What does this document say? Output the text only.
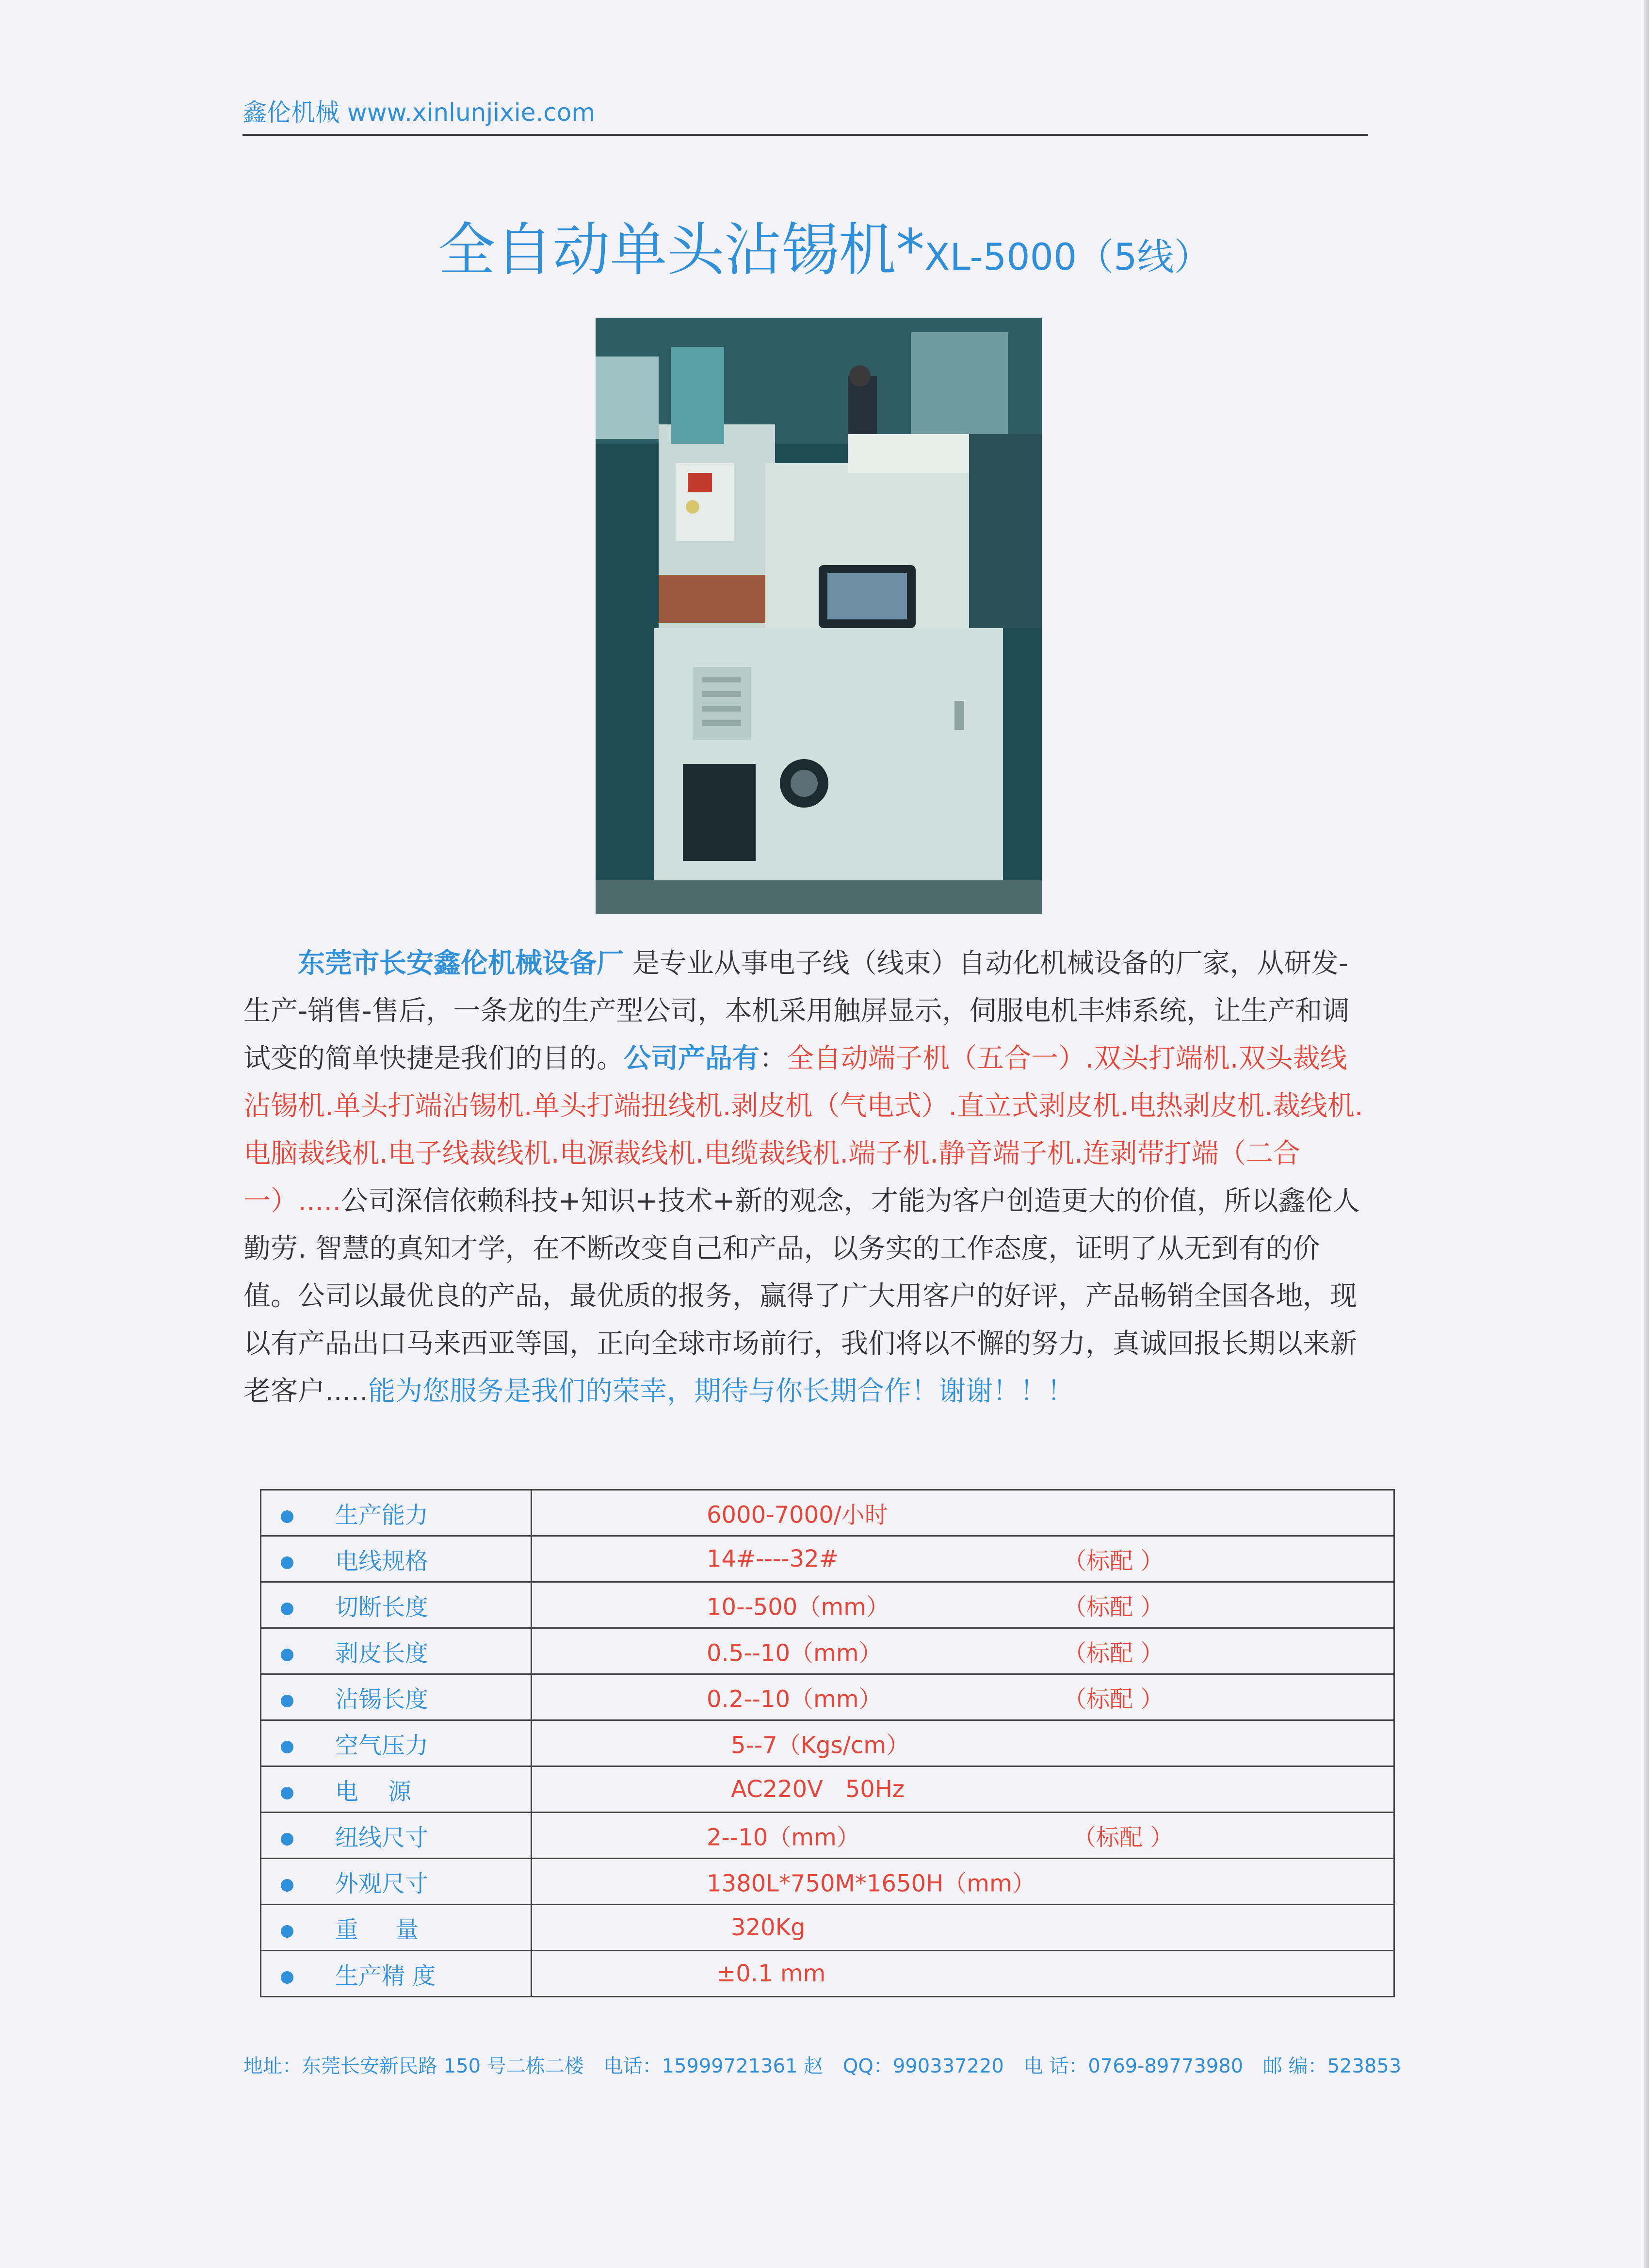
鑫伦机械 www.xinlunjixie.com
全自动单头沾锡机*XL-5000（5线）
东莞市长安鑫伦机械设备厂 是专业从事电子线（线束）自动化机械设备的厂家，从研发-生产-销售-售后，一条龙的生产型公司，本机采用触屏显示，伺服电机丰炜系统，让生产和调试变的简单快捷是我们的目的。公司产品有：全自动端子机（五合一）.双头打端机.双头裁线沾锡机.单头打端沾锡机.单头打端扭线机.剥皮机（气电式）.直立式剥皮机.电热剥皮机.裁线机.电脑裁线机.电子线裁线机.电源裁线机.电缆裁线机.端子机.静音端子机.连剥带打端（二合一）.....公司深信依赖科技+知识+技术+新的观念，才能为客户创造更大的价值，所以鑫伦人勤劳. 智慧的真知才学，在不断改变自己和产品，以务实的工作态度，证明了从无到有的价值。公司以最优良的产品，最优质的报务，赢得了广大用客户的好评，产品畅销全国各地，现以有产品出口马来西亚等国，正向全球市场前行，我们将以不懈的努力，真诚回报长期以来新老客户.....能为您服务是我们的荣幸，期待与你长期合作！谢谢！！！
生产能力	6000-7000/小时

电线规格	14#----32# （标配 ）

切断长度	10--500（mm） （标配 ）

剥皮长度	0.5--10（mm） （标配 ）

沾锡长度	0.2--10（mm） （标配 ）

空气压力	5--7（Kgs/cm）

电    源	AC220V   50Hz

纽线尺寸	2--10（mm） （标配 ）

外观尺寸	1380L*750M*1650H（mm）

重     量	320Kg

生产精 度	±0.1 mm
地址：东莞长安新民路 150 号二栋二楼 电话：15999721361 赵 QQ：990337220 电 话：0769-89773980 邮 编：523853
